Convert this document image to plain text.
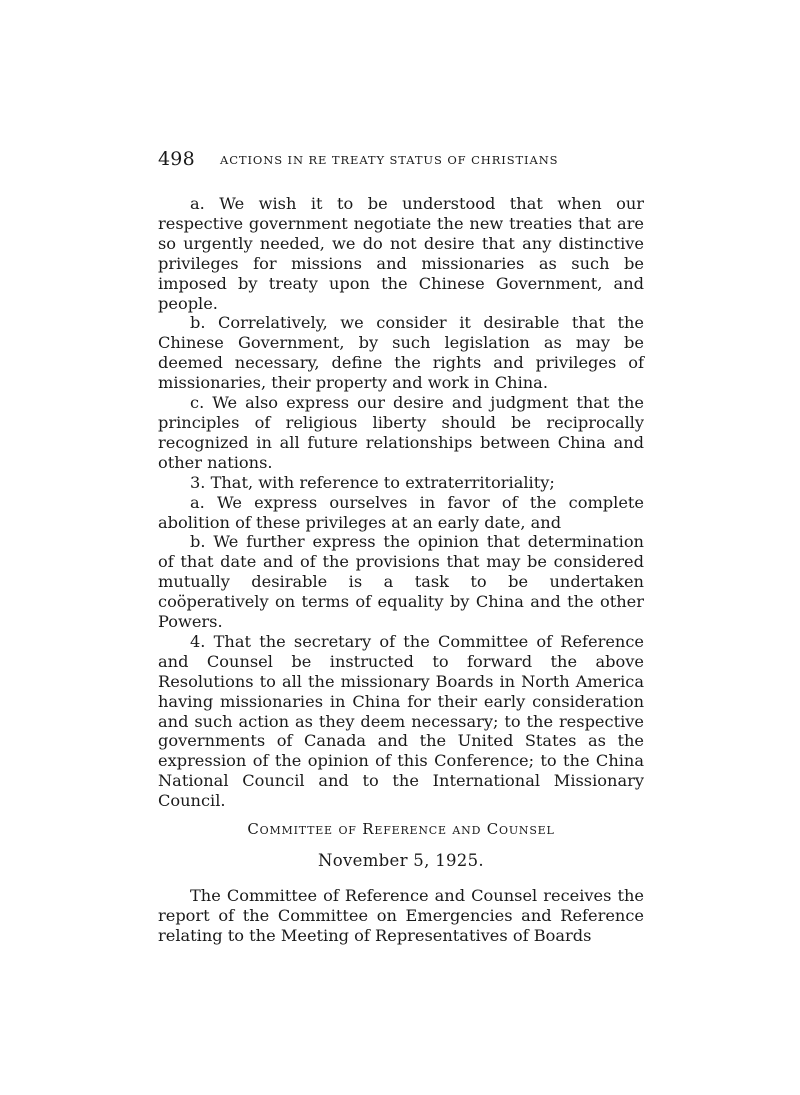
498 ACTIONS IN RE TREATY STATUS OF CHRISTIANS

a. We wish it to be understood that when our respective government negotiate the new treaties that are so urgently needed, we do not desire that any distinctive privileges for missions and missionaries as such be imposed by treaty upon the Chinese Government, and people.

b. Correlatively, we consider it desirable that the Chinese Government, by such legislation as may be deemed necessary, define the rights and privileges of missionaries, their property and work in China.

c. We also express our desire and judgment that the principles of religious liberty should be reciprocally recognized in all future relationships between China and other nations.

3. That, with reference to extraterritoriality;

a. We express ourselves in favor of the complete abolition of these privileges at an early date, and

b. We further express the opinion that determination of that date and of the provisions that may be considered mutually desirable is a task to be undertaken coöperatively on terms of equality by China and the other Powers.

4. That the secretary of the Committee of Reference and Counsel be instructed to forward the above Resolutions to all the missionary Boards in North America having missionaries in China for their early consideration and such action as they deem necessary; to the respective governments of Canada and the United States as the expression of the opinion of this Conference; to the China National Council and to the International Missionary Council.

Committee of Reference and Counsel
November 5, 1925.

The Committee of Reference and Counsel receives the report of the Committee on Emergencies and Reference relating to the Meeting of Representatives of Boards
